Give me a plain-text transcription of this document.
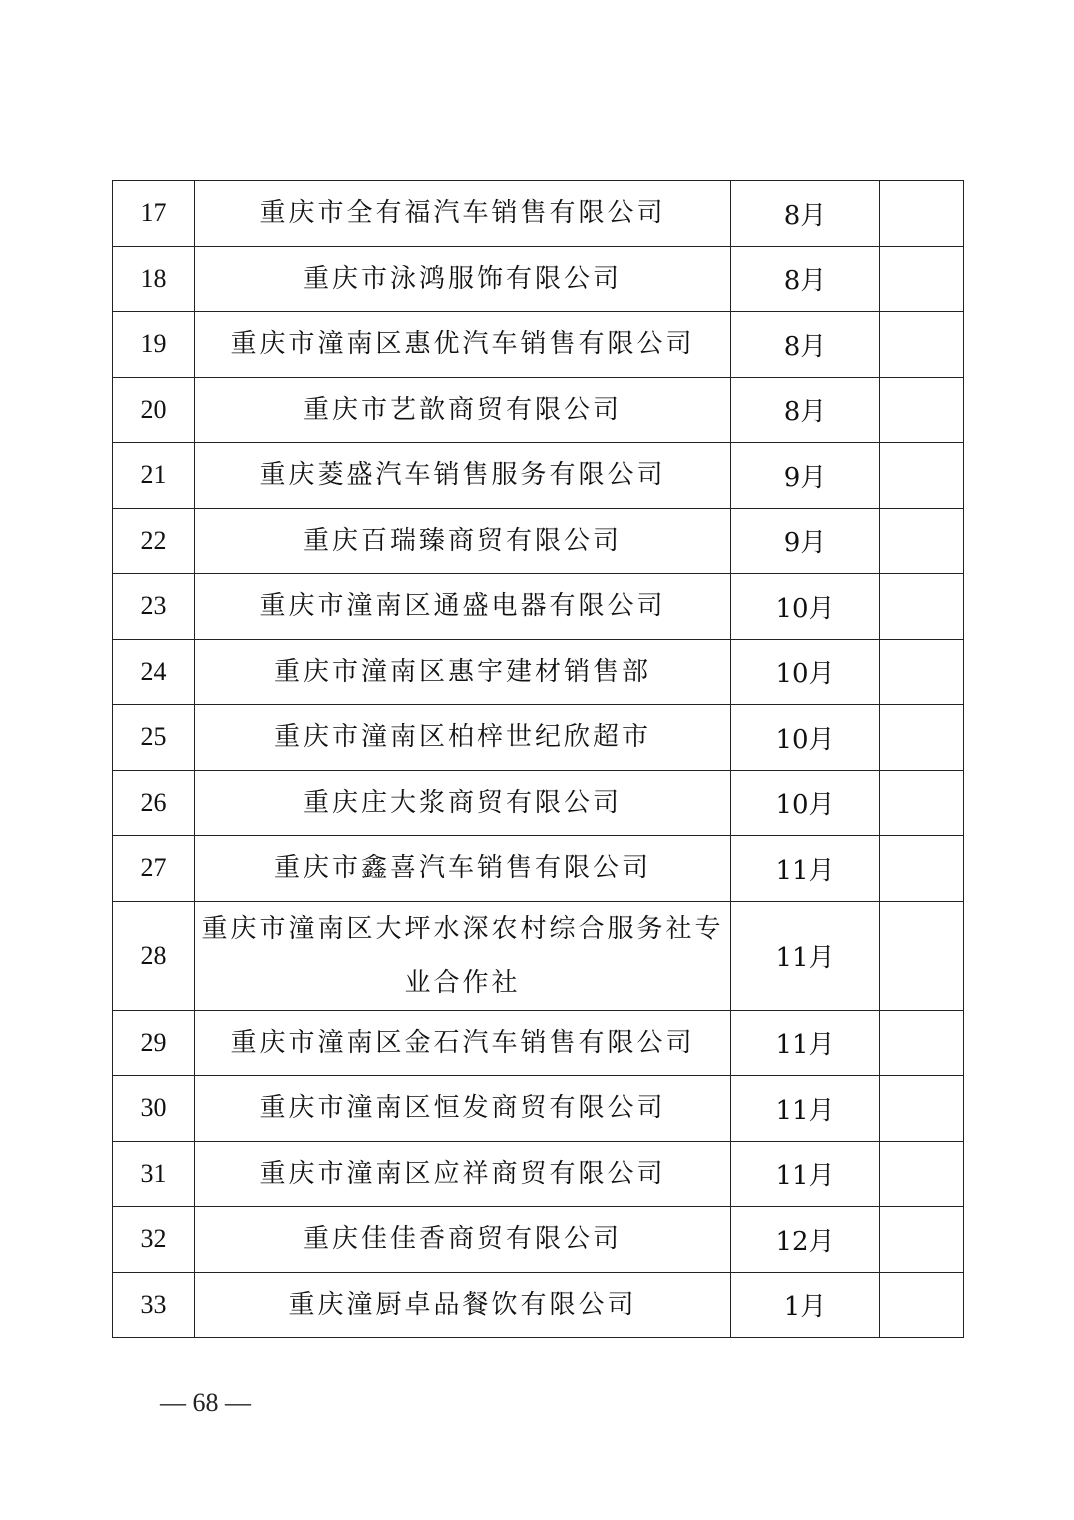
17	重庆市全有福汽车销售有限公司	8月	
18	重庆市泳鸿服饰有限公司	8月	
19	重庆市潼南区惠优汽车销售有限公司	8月	
20	重庆市艺歆商贸有限公司	8月	
21	重庆菱盛汽车销售服务有限公司	9月	
22	重庆百瑞臻商贸有限公司	9月	
23	重庆市潼南区通盛电器有限公司	10月	
24	重庆市潼南区惠宇建材销售部	10月	
25	重庆市潼南区柏梓世纪欣超市	10月	
26	重庆庄大浆商贸有限公司	10月	
27	重庆市鑫喜汽车销售有限公司	11月	
28	重庆市潼南区大坪水深农村综合服务社专业合作社	11月	
29	重庆市潼南区金石汽车销售有限公司	11月	
30	重庆市潼南区恒发商贸有限公司	11月	
31	重庆市潼南区应祥商贸有限公司	11月	
32	重庆佳佳香商贸有限公司	12月	
33	重庆潼厨卓品餐饮有限公司	1月	
— 68 —
